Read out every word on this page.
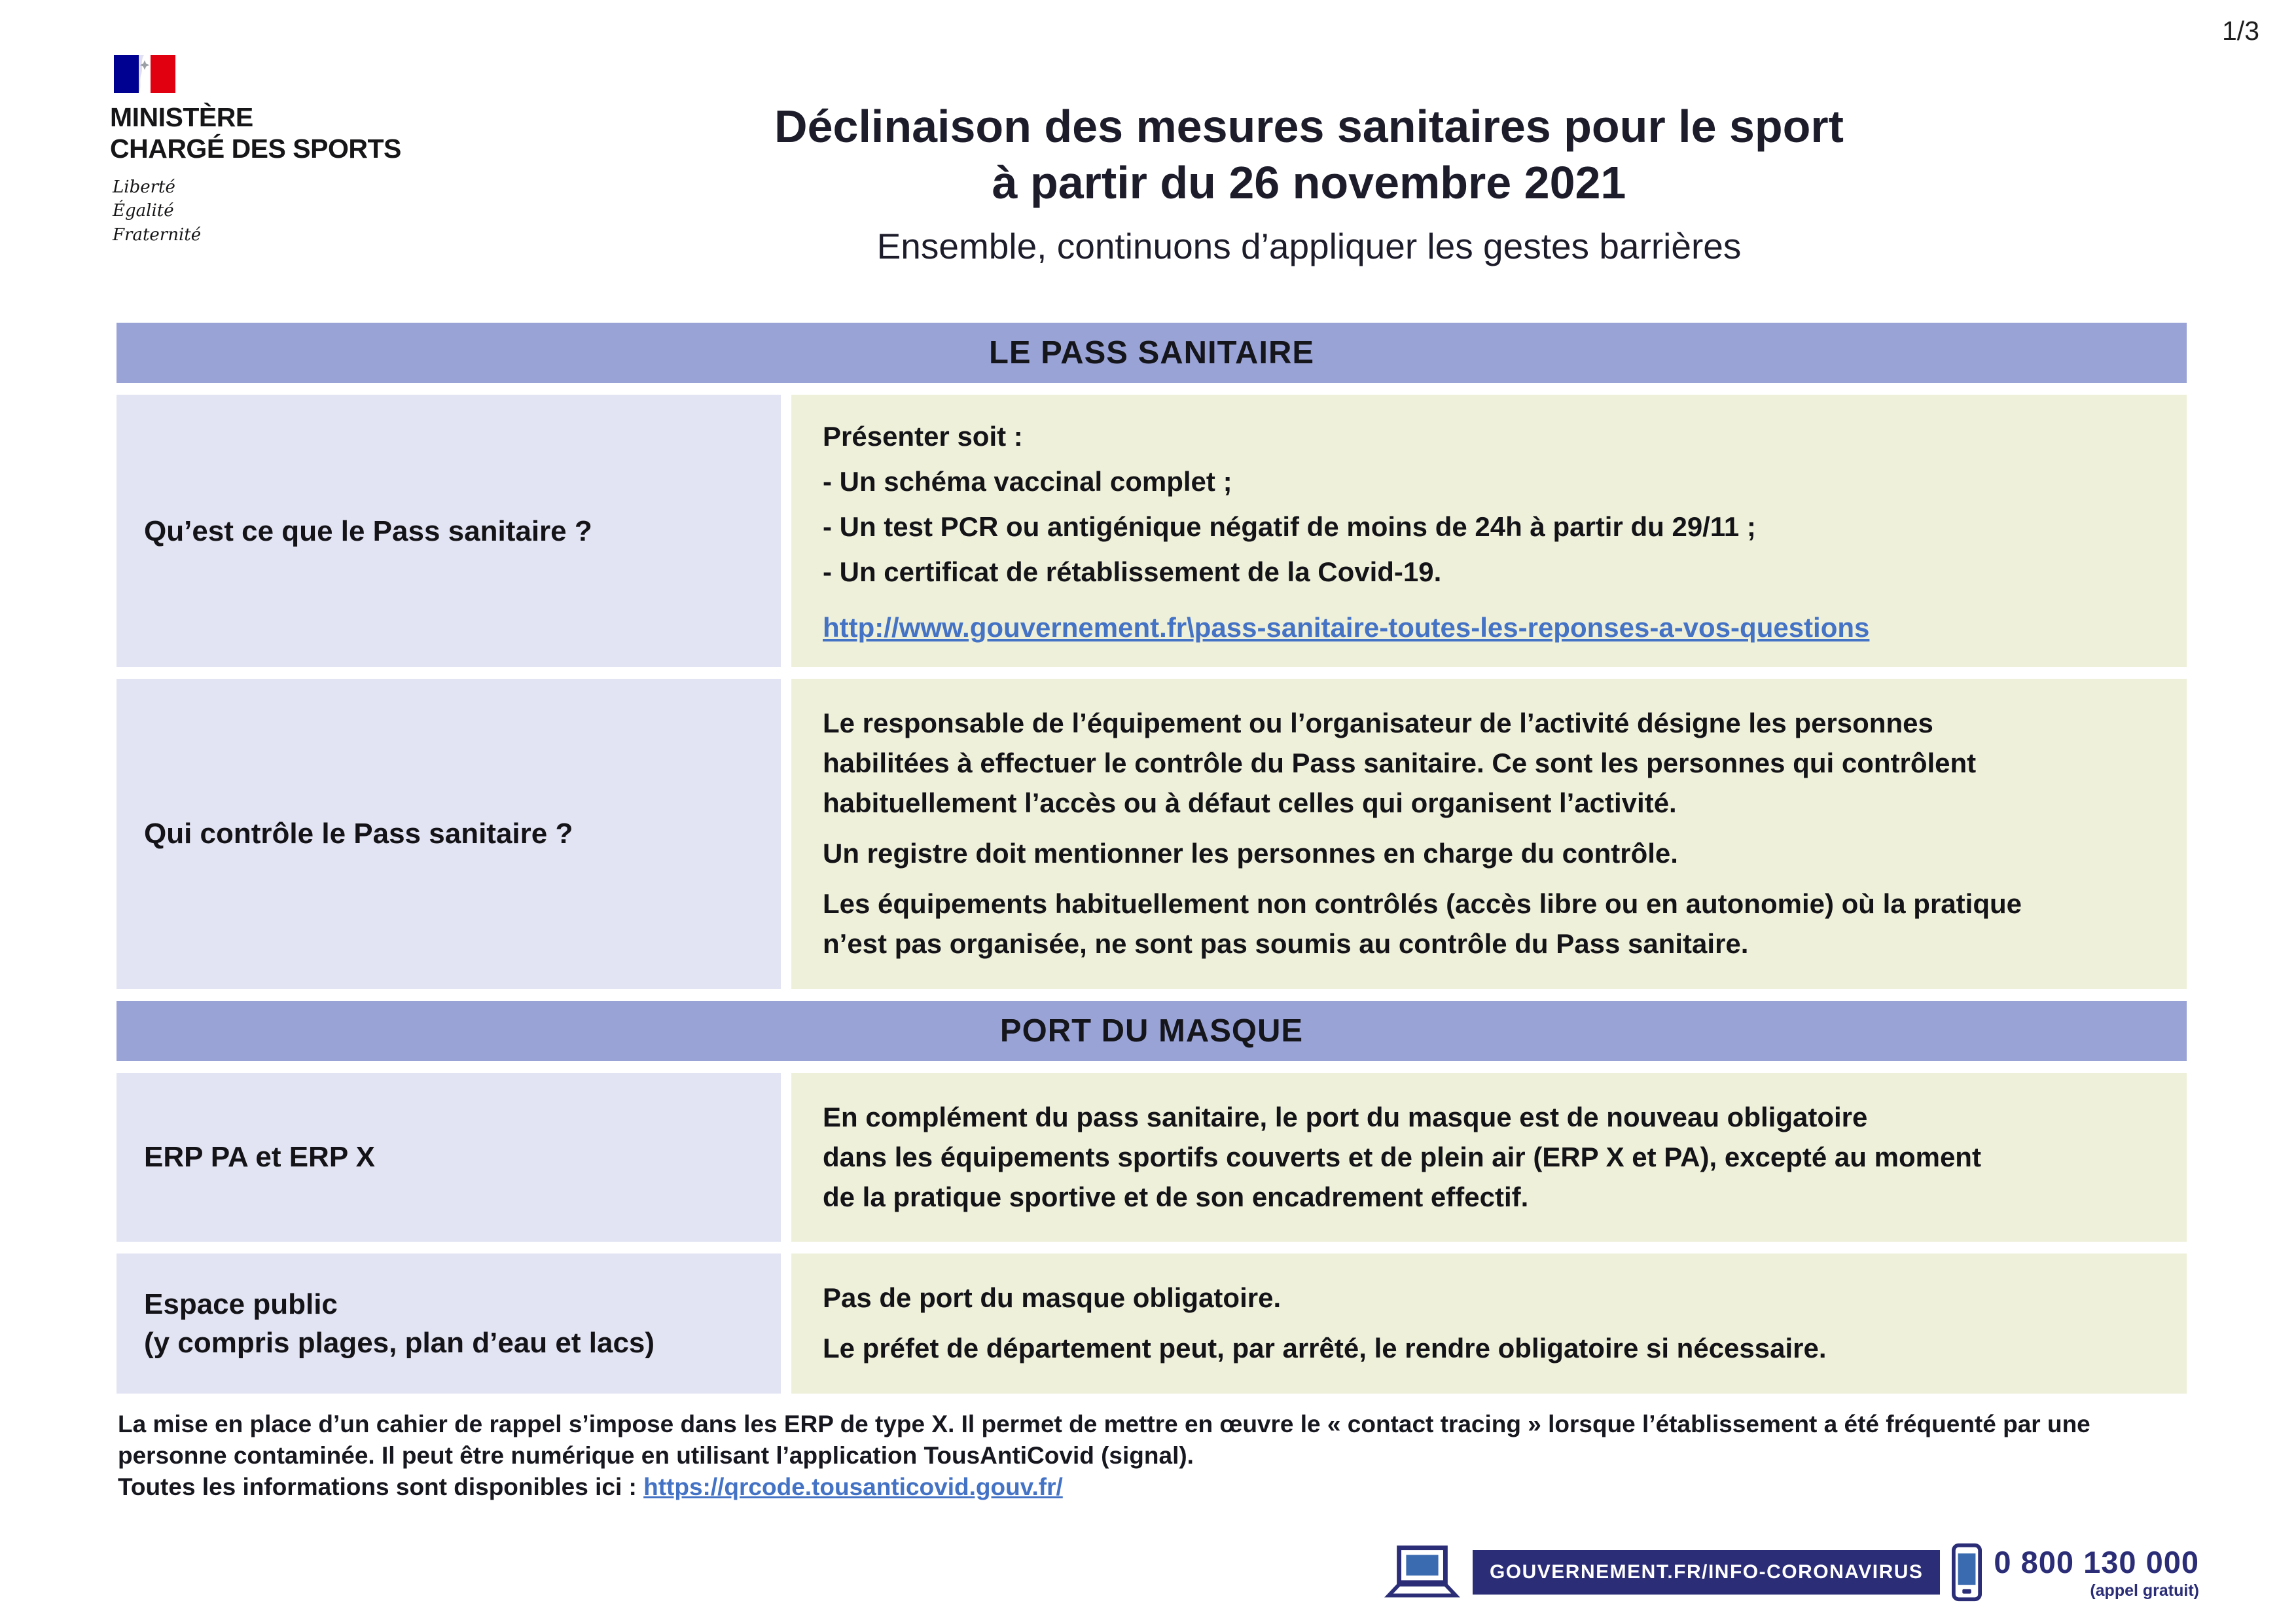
1/3
MINISTÈRE
CHARGÉ DES SPORTS
Liberté
Égalité
Fraternité
Déclinaison des mesures sanitaires pour le sport
à partir du 26 novembre 2021
Ensemble, continuons d’appliquer les gestes barrières
LE PASS SANITAIRE
Qu’est ce que le Pass sanitaire ?
Présenter soit :
- Un schéma vaccinal complet ;
- Un test PCR ou antigénique négatif de moins de 24h à partir du 29/11 ;
- Un certificat de rétablissement de la Covid-19.
http://www.gouvernement.fr\pass-sanitaire-toutes-les-reponses-a-vos-questions
Qui contrôle le Pass sanitaire ?
Le responsable de l’équipement ou l’organisateur de l’activité désigne les personnes
habilitées à effectuer le contrôle du Pass sanitaire. Ce sont les personnes qui contrôlent
habituellement l’accès ou à défaut celles qui organisent l’activité.
Un registre doit mentionner les personnes en charge du contrôle.
Les équipements habituellement non contrôlés (accès libre ou en autonomie) où la pratique
n’est pas organisée, ne sont pas soumis au contrôle du Pass sanitaire.
PORT DU MASQUE
ERP PA et ERP X
En complément du pass sanitaire, le port du masque est de nouveau obligatoire
dans les équipements sportifs couverts et de plein air (ERP X et PA), excepté au moment
de la pratique sportive et de son encadrement effectif.
Espace public
(y compris plages, plan d’eau et lacs)
Pas de port du masque obligatoire.
Le préfet de département peut, par arrêté, le rendre obligatoire si nécessaire.
La mise en place d’un cahier de rappel s’impose dans les ERP de type X. Il permet de mettre en œuvre le « contact tracing » lorsque l’établissement a été fréquenté par une
personne contaminée. Il peut être numérique en utilisant l’application TousAntiCovid (signal).
Toutes les informations sont disponibles ici : https://qrcode.tousanticovid.gouv.fr/
GOUVERNEMENT.FR/INFO-CORONAVIRUS	0 800 130 000
(appel gratuit)
